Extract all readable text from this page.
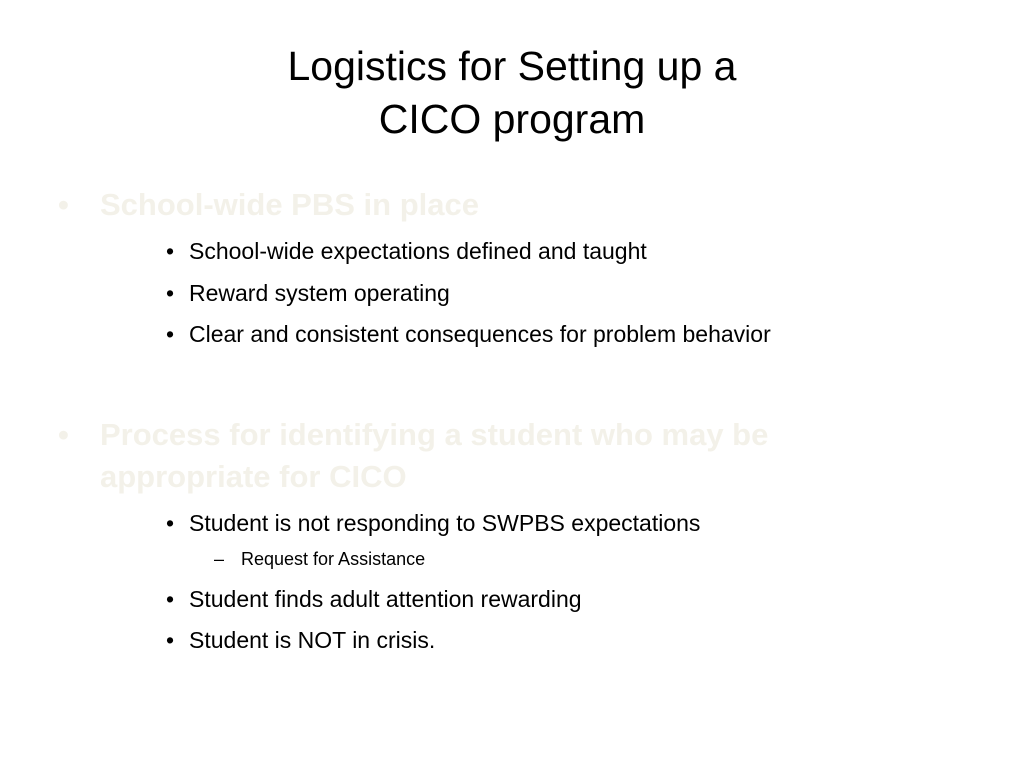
Logistics for Setting up a
CICO program
• School-wide PBS in place
• School-wide expectations defined and taught
• Reward system operating
• Clear and consistent consequences for problem behavior
• Process for identifying a student who may be
appropriate for CICO
• Student is not responding to SWPBS expectations
– Request for Assistance
• Student finds adult attention rewarding
• Student is NOT in crisis.
